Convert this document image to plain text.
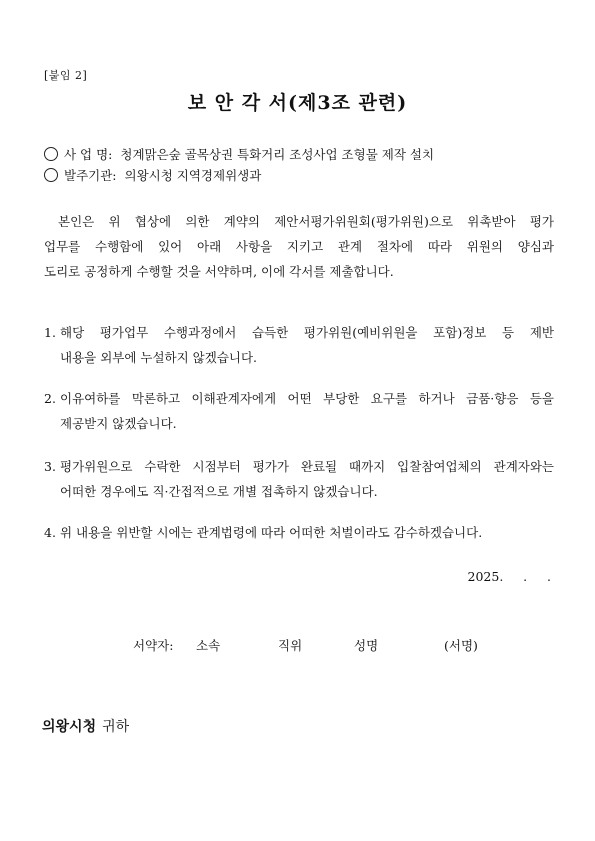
[붙임 2]
보 안 각 서(제3조 관련)
사 업 명: 청계맑은숲 골목상권 특화거리 조성사업 조형물 제작 설치
발주기관: 의왕시청 지역경제위생과
본인은 위 협상에 의한 계약의 제안서평가위원회(평가위원)으로 위촉받아 평가
업무를 수행함에 있어 아래 사항을 지키고 관계 절차에 따라 위원의 양심과
도리로 공정하게 수행할 것을 서약하며, 이에 각서를 제출합니다.
1. 해당 평가업무 수행과정에서 습득한 평가위원(예비위원을 포함)정보 등 제반
내용을 외부에 누설하지 않겠습니다.
2. 이유여하를 막론하고 이해관계자에게 어떤 부당한 요구를 하거나 금품·향응 등을
제공받지 않겠습니다.
3. 평가위원으로 수락한 시점부터 평가가 완료될 때까지 입찰참여업체의 관계자와는
어떠한 경우에도 직·간접적으로 개별 접촉하지 않겠습니다.
4. 위 내용을 위반할 시에는 관계법령에 따라 어떠한 처벌이라도 감수하겠습니다.
2025.     .     .
서약자: 소속	직위	성명	(서명)
의왕시청 귀하
